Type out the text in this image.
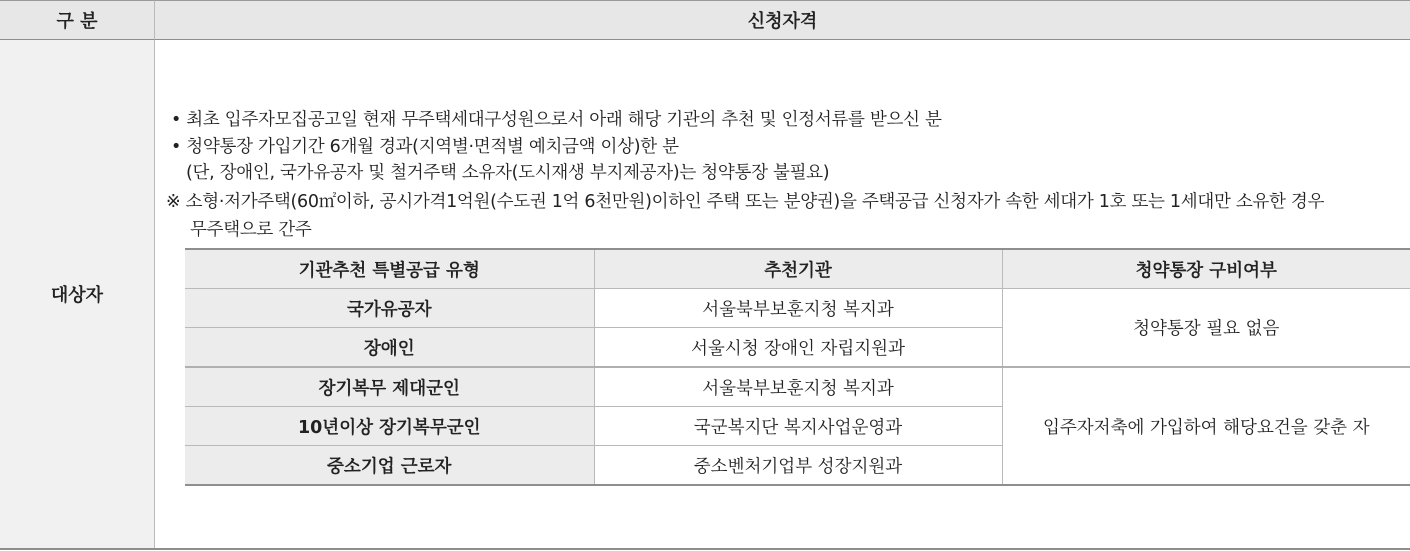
구 분	신청자격
대상자
• 최초 입주자모집공고일 현재 무주택세대구성원으로서 아래 해당 기관의 추천 및 인정서류를 받으신 분
• 청약통장 가입기간 6개월 경과(지역별·면적별 예치금액 이상)한 분
(단, 장애인, 국가유공자 및 철거주택 소유자(도시재생 부지제공자)는 청약통장 불필요)
※ 소형·저가주택(60㎡이하, 공시가격1억원(수도권 1억 6천만원)이하인 주택 또는 분양권)을 주택공급 신청자가 속한 세대가 1호 또는 1세대만 소유한 경우
무주택으로 간주
기관추천 특별공급 유형	추천기관	청약통장 구비여부
국가유공자	서울북부보훈지청 복지과	청약통장 필요 없음
장애인	서울시청 장애인 자립지원과	
장기복무 제대군인	서울북부보훈지청 복지과	입주자저축에 가입하여 해당요건을 갖춘 자
10년이상 장기복무군인	국군복지단 복지사업운영과	
중소기업 근로자	중소벤처기업부 성장지원과	
